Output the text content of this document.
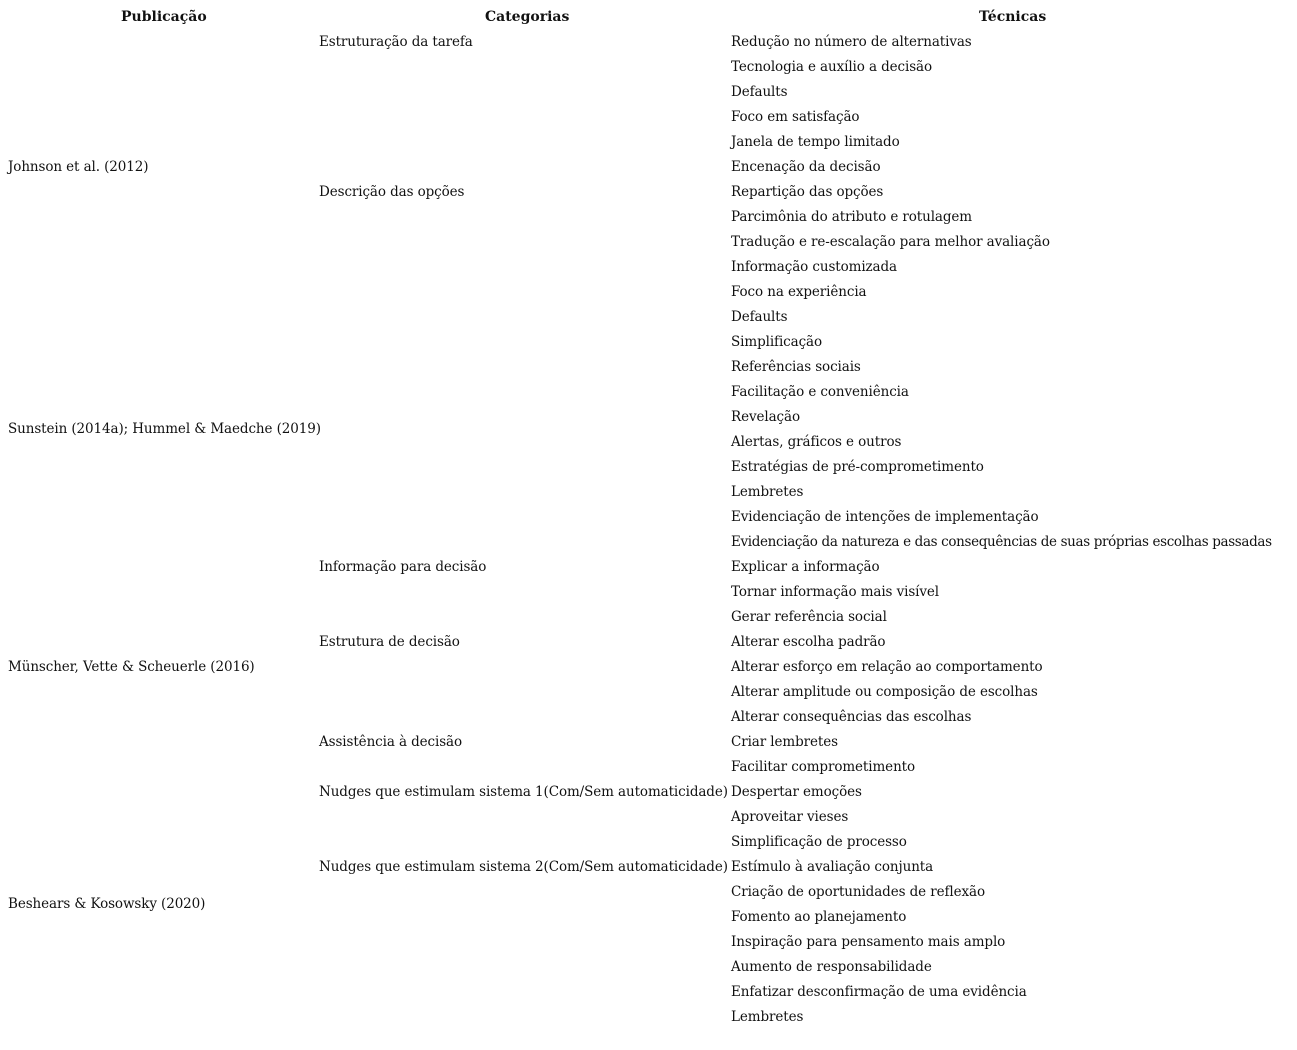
Publicação	Categorias	Técnicas
Johnson et al. (2012)
Sunstein (2014a); Hummel & Maedche (2019)
Münscher, Vette & Scheuerle (2016)
Beshears & Kosowsky (2020)
Estruturação da tarefa
Descrição das opções
Informação para decisão
Estrutura de decisão
Assistência à decisão
Nudges que estimulam sistema 1(Com/Sem automaticidade)
Nudges que estimulam sistema 2(Com/Sem automaticidade)
Redução no número de alternativas
Tecnologia e auxílio a decisão
Defaults
Foco em satisfação
Janela de tempo limitado
Encenação da decisão
Repartição das opções
Parcimônia do atributo e rotulagem
Tradução e re-escalação para melhor avaliação
Informação customizada
Foco na experiência
Defaults
Simplificação
Referências sociais
Facilitação e conveniência
Revelação
Alertas, gráficos e outros
Estratégias de pré-comprometimento
Lembretes
Evidenciação de intenções de implementação
Evidenciação da natureza e das consequências de suas próprias escolhas passadas
Explicar a informação
Tornar informação mais visível
Gerar referência social
Alterar escolha padrão
Alterar esforço em relação ao comportamento
Alterar amplitude ou composição de escolhas
Alterar consequências das escolhas
Criar lembretes
Facilitar comprometimento
Despertar emoções
Aproveitar vieses
Simplificação de processo
Estímulo à avaliação conjunta
Criação de oportunidades de reflexão
Fomento ao planejamento
Inspiração para pensamento mais amplo
Aumento de responsabilidade
Enfatizar desconfirmação de uma evidência
Lembretes
